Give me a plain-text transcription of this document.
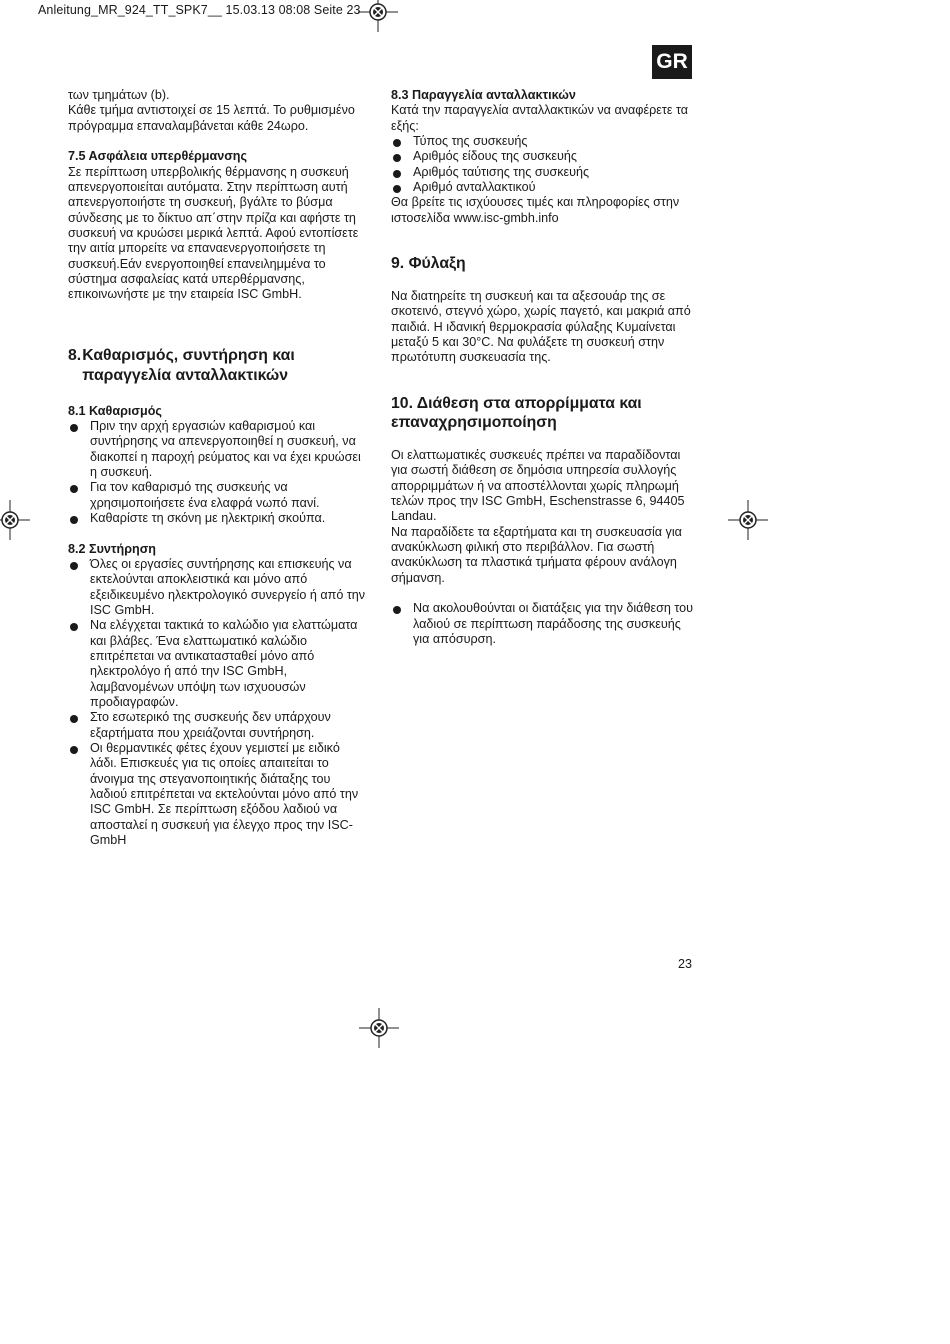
Anleitung_MR_924_TT_SPK7__ 15.03.13 08:08 Seite 23
GR

των τμημάτων (b).

Κάθε τμήμα αντιστοιχεί σε 15 λεπτά. Το ρυθμισμένο πρόγραμμα επαναλαμβάνεται κάθε 24ωρο.

7.5 Ασφάλεια υπερθέρμανσης

Σε περίπτωση υπερβολικής θέρμανσης η συσκευή απενεργοποιείται αυτόματα. Στην περίπτωση αυτή απενεργοποιήστε τη συσκευή, βγάλτε το βύσμα σύνδεσης με το δίκτυο απ΄στην πρίζα και αφήστε τη συσκευή να κρυώσει μερικά λεπτά. Αφού εντοπίσετε την αιτία μπορείτε να επαναενεργοποιήσετε τη συσκευή.Εάν ενεργοποιηθεί επανειλημμένα το σύστημα ασφαλείας κατά υπερθέρμανσης, επικοινωνήστε με την εταιρεία ISC GmbH.

8. Καθαρισμός, συντήρηση και παραγγελία ανταλλακτικών
8.1 Καθαρισμός
Πριν την αρχή εργασιών καθαρισμού και συντήρησης να απενεργοποιηθεί η συσκευή, να διακοπεί η παροχή ρεύματος και να έχει κρυώσει η συσκευή.
Για τον καθαρισμό της συσκευής να χρησιμοποιήσετε ένα ελαφρά νωπό πανί.
Καθαρίστε τη σκόνη με ηλεκτρική σκούπα.
8.2 Συντήρηση
Όλες οι εργασίες συντήρησης και επισκευής να εκτελούνται αποκλειστικά και μόνο από εξειδικευμένο ηλεκτρολογικό συνεργείο ή από την ISC GmbH.
Να ελέγχεται τακτικά το καλώδιο για ελαττώματα και βλάβες. Ένα ελαττωματικό καλώδιο επιτρέπεται να αντικατασταθεί μόνο από ηλεκτρολόγο ή από την ISC GmbH, λαμβανομένων υπόψη των ισχυουσών προδιαγραφών.
Στο εσωτερικό της συσκευής δεν υπάρχουν εξαρτήματα που χρειάζονται συντήρηση.
Οι θερμαντικές φέτες έχουν γεμιστεί με ειδικό λάδι. Επισκευές για τις οποίες απαιτείται το άνοιγμα της στεγανοποιητικής διάταξης του λαδιού επιτρέπεται να εκτελούνται μόνο από την ISC GmbH. Σε περίπτωση εξόδου λαδιού να αποσταλεί η συσκευή για έλεγχο προς την ISC-GmbH
8.3 Παραγγελία ανταλλακτικών

Κατά την παραγγελία ανταλλακτικών να αναφέρετε τα εξής:

Τύπος της συσκευής
Αριθμός είδους της συσκευής
Αριθμός ταύτισης της συσκευής
Αριθμό ανταλλακτικού

Θα βρείτε τις ισχύουσες τιμές και πληροφορίες στην ιστοσελίδα www.isc-gmbh.info

9. Φύλαξη

Να διατηρείτε τη συσκευή και τα αξεσουάρ της σε σκοτεινό, στεγνό χώρο, χωρίς παγετό, και μακριά από παιδιά. Η ιδανική θερμοκρασία φύλαξης Κυμαίνεται μεταξύ 5 και 30°C. Να φυλάξετε τη συσκευή στην πρωτότυπη συσκευασία της.

10. Διάθεση στα απορρίμματα και επαναχρησιμοποίηση

Οι ελαττωματικές συσκευές πρέπει να παραδίδονται για σωστή διάθεση σε δημόσια υπηρεσία συλλογής απορριμμάτων ή να αποστέλλονται χωρίς πληρωμή τελών προς την ISC GmbH, Eschenstrasse 6, 94405 Landau.

Να παραδίδετε τα εξαρτήματα και τη συσκευασία για ανακύκλωση φιλική στο περιβάλλον. Για σωστή ανακύκλωση τα πλαστικά τμήματα φέρουν ανάλογη σήμανση.

Να ακολουθούνται οι διατάξεις για την διάθεση του λαδιού σε περίπτωση παράδοσης της συσκευής για απόσυρση.
23
